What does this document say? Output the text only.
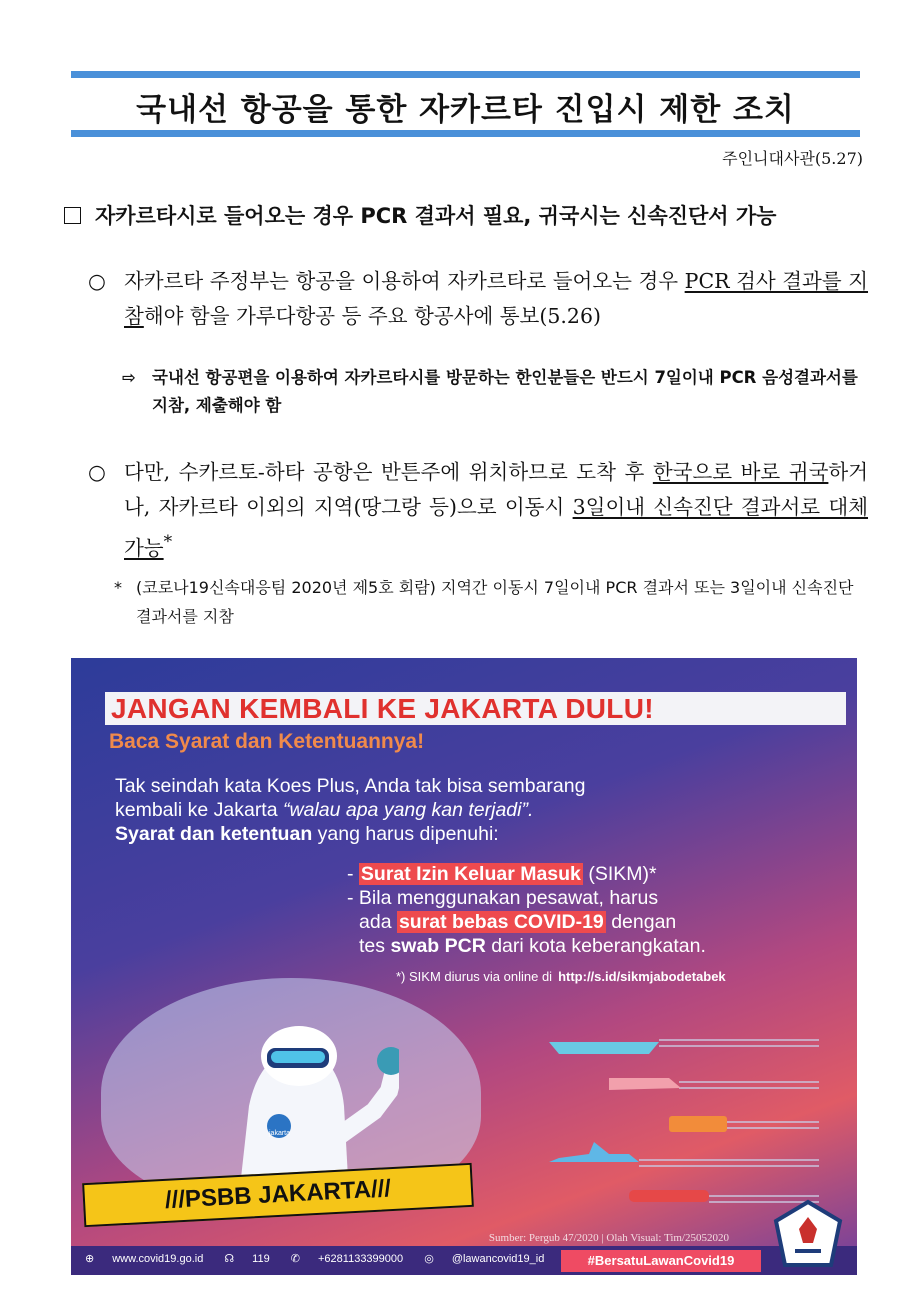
국내선 항공을 통한 자카르타 진입시 제한 조치
주인니대사관(5.27)
자카르타시로 들어오는 경우 PCR 결과서 필요, 귀국시는 신속진단서 가능
○ 자카르타 주정부는 항공을 이용하여 자카르타로 들어오는 경우 PCR 검사 결과를 지참해야 함을 가루다항공 등 주요 항공사에 통보(5.26)
⇨ 국내선 항공편을 이용하여 자카르타시를 방문하는 한인분들은 반드시 7일이내 PCR 음성결과서를 지참, 제출해야 함
○ 다만, 수카르토-하타 공항은 반튼주에 위치하므로 도착 후 한국으로 바로 귀국하거나, 자카르타 이외의 지역(땅그랑 등)으로 이동시 3일이내 신속진단 결과서로 대체 가능*
* (코로나19신속대응팀 2020년 제5호 회람) 지역간 이동시 7일이내 PCR 결과서 또는 3일이내 신속진단 결과서를 지참
JANGAN KEMBALI KE JAKARTA DULU!
Baca Syarat dan Ketentuannya!
Tak seindah kata Koes Plus, Anda tak bisa sembarang
kembali ke Jakarta “walau apa yang kan terjadi”.
Syarat dan ketentuan yang harus dipenuhi:
- Surat Izin Keluar Masuk (SIKM)*
- Bila menggunakan pesawat, harus
ada surat bebas COVID-19 dengan
tes swab PCR dari kota keberangkatan.
*) SIKM diurus via online di http://s.id/sikmjabodetabek
jakarta
///PSBB JAKARTA///
Sumber: Pergub 47/2020 | Olah Visual: Tim/25052020
⊕ www.covid19.go.id ☊ 119 ✆ +6281133399000 ◎ @lawancovid19_id	#BersatuLawanCovid19
